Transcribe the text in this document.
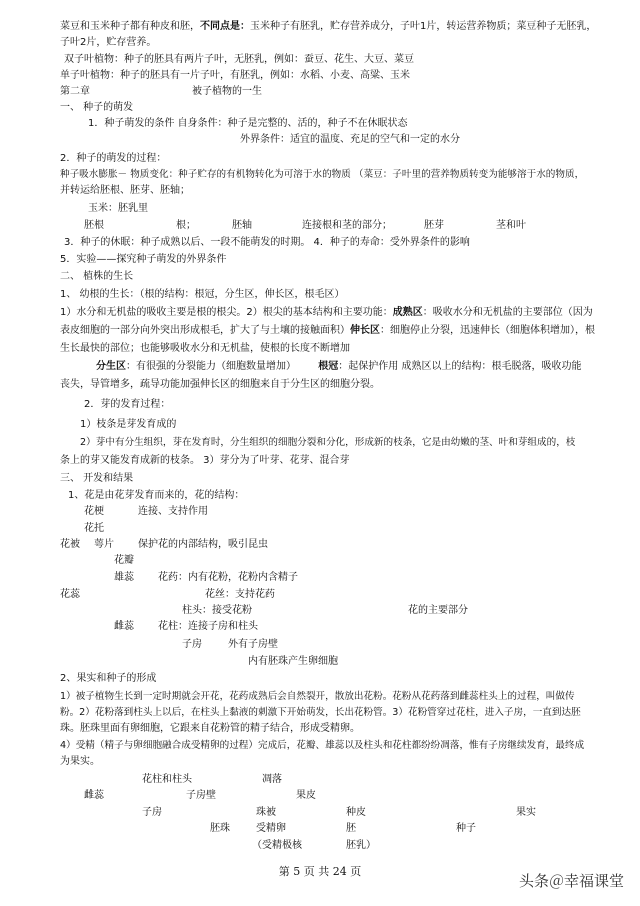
菜豆和玉米种子都有种皮和胚，不同点是：玉米种子有胚乳，贮存营养成分，子叶1片，转运营养物质；菜豆种子无胚乳，
子叶2片，贮存营养。
双子叶植物：种子的胚具有两片子叶，无胚乳，例如：蚕豆、花生、大豆、菜豆
单子叶植物：种子的胚具有一片子叶，有胚乳，例如：水稻、小麦、高粱、玉米
第二章	被子植物的一生
一、 种子的萌发
1．种子萌发的条件 自身条件：种子是完整的、活的，种子不在休眠状态
外界条件：适宜的温度、充足的空气和一定的水分
2．种子的萌发的过程：
种子吸水膨胀－ 物质变化：种子贮存的有机物转化为可溶于水的物质 （菜豆：子叶里的营养物质转变为能够溶于水的物质，
并转运给胚根、胚芽、胚轴；
玉米：胚乳里
胚根	根；	胚轴	连接根和茎的部分；	胚芽	茎和叶
3．种子的休眠：种子成熟以后、一段不能萌发的时期。 4．种子的寿命：受外界条件的影响
5．实验——探究种子萌发的外界条件
二、 植株的生长
1、 幼根的生长：（根的结构：根冠，分生区，伸长区，根毛区）
1）水分和无机盐的吸收主要是根的根尖。2）根尖的基本结构和主要功能：成熟区：吸收水分和无机盐的主要部位（因为
表皮细胞的一部分向外突出形成根毛，扩大了与土壤的接触面积）伸长区：细胞停止分裂，迅速伸长（细胞体积增加），根
生长最快的部位；也能够吸收水分和无机盐，使根的长度不断增加
分生区：有很强的分裂能力（细胞数量增加） 根冠：起保护作用 成熟区以上的结构：根毛脱落，吸收功能
丧失，导管增多，疏导功能加强伸长区的细胞来自于分生区的细胞分裂。
2．芽的发育过程：
1）枝条是芽发育成的
2）芽中有分生组织，芽在发育时，分生组织的细胞分裂和分化，形成新的枝条，它是由幼嫩的茎、叶和芽组成的，枝
条上的芽又能发育成新的枝条。 3）芽分为了叶芽、花芽、混合芽
三、 开发和结果
1、花是由花芽发育而来的，花的结构：
花梗	连接、支持作用
花托
花被 萼片 保护花的内部结构，吸引昆虫
花瓣
雄蕊 花药：内有花粉，花粉内含精子
花蕊	花丝：支持花药
柱头：接受花粉	花的主要部分
雌蕊 花柱：连接子房和柱头
子房	外有子房壁
内有胚珠产生卵细胞
2、果实和种子的形成
1）被子植物生长到一定时期就会开花，花药成熟后会自然裂开，散放出花粉。花粉从花药落到雌蕊柱头上的过程，叫做传
粉。2）花粉落到柱头上以后，在柱头上黏液的刺激下开始萌发，长出花粉管。3）花粉管穿过花柱，进入子房，一直到达胚
珠。胚珠里面有卵细胞，它跟来自花粉管的精子结合，形成受精卵。
4）受精（精子与卵细胞融合成受精卵的过程）完成后，花瓣、雄蕊以及柱头和花柱都纷纷凋落，惟有子房继续发育，最终成
为果实。
花柱和柱头	凋落
雌蕊	子房壁	果皮
子房	珠被	种皮	果实
胚珠	受精卵	胚	种子
（受精极核	胚乳）
第 5 页 共 24 页
头条＠幸福课堂
